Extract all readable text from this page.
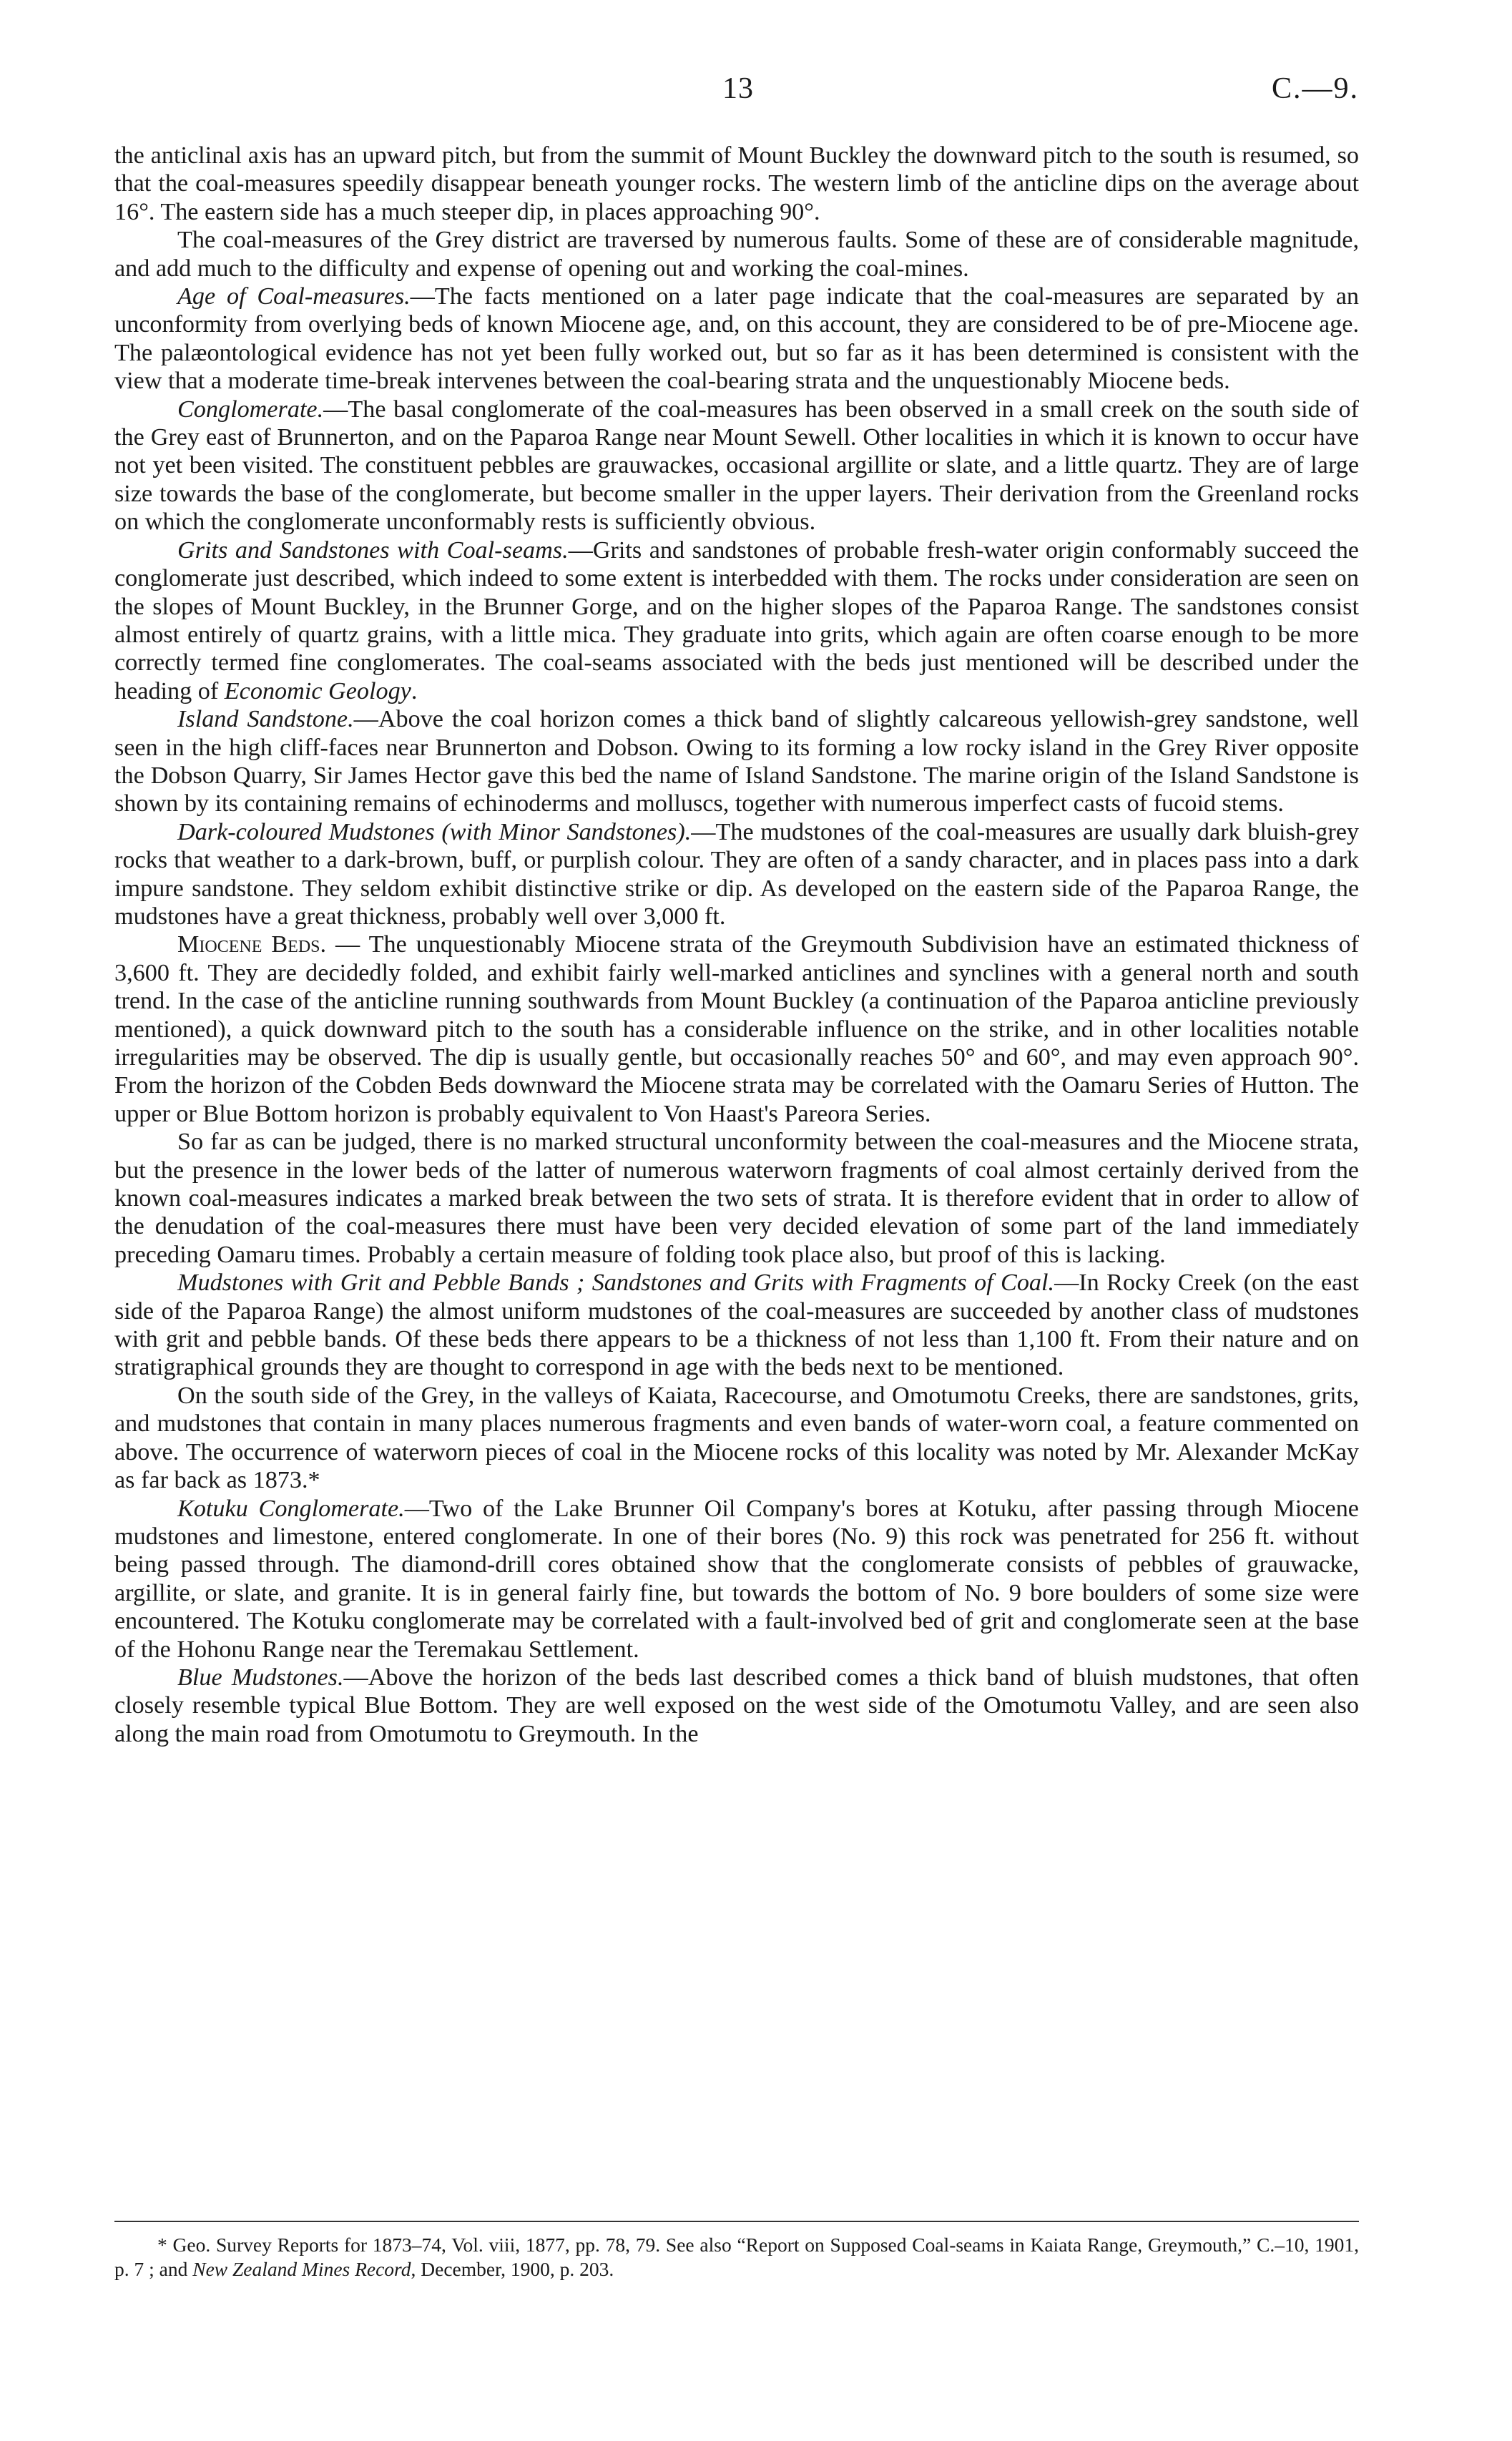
13	C.—9.

the anticlinal axis has an upward pitch, but from the summit of Mount Buckley the downward pitch to the south is resumed, so that the coal-measures speedily disappear beneath younger rocks. The western limb of the anticline dips on the average about 16°. The eastern side has a much steeper dip, in places approaching 90°.

The coal-measures of the Grey district are traversed by numerous faults. Some of these are of considerable magnitude, and add much to the difficulty and expense of opening out and working the coal-mines.

Age of Coal-measures.—The facts mentioned on a later page indicate that the coal-measures are separated by an unconformity from overlying beds of known Miocene age, and, on this account, they are considered to be of pre-Miocene age. The palæontological evidence has not yet been fully worked out, but so far as it has been determined is consistent with the view that a moderate time-break intervenes between the coal-bearing strata and the unquestionably Miocene beds.

Conglomerate.—The basal conglomerate of the coal-measures has been observed in a small creek on the south side of the Grey east of Brunnerton, and on the Paparoa Range near Mount Sewell. Other localities in which it is known to occur have not yet been visited. The constituent pebbles are grauwackes, occasional argillite or slate, and a little quartz. They are of large size towards the base of the conglomerate, but become smaller in the upper layers. Their derivation from the Greenland rocks on which the conglomerate unconformably rests is sufficiently obvious.

Grits and Sandstones with Coal-seams.—Grits and sandstones of probable fresh-water origin conformably succeed the conglomerate just described, which indeed to some extent is interbedded with them. The rocks under consideration are seen on the slopes of Mount Buckley, in the Brunner Gorge, and on the higher slopes of the Paparoa Range. The sandstones consist almost entirely of quartz grains, with a little mica. They graduate into grits, which again are often coarse enough to be more correctly termed fine conglomerates. The coal-seams associated with the beds just mentioned will be described under the heading of Economic Geology.

Island Sandstone.—Above the coal horizon comes a thick band of slightly calcareous yellowish-grey sandstone, well seen in the high cliff-faces near Brunnerton and Dobson. Owing to its forming a low rocky island in the Grey River opposite the Dobson Quarry, Sir James Hector gave this bed the name of Island Sandstone. The marine origin of the Island Sandstone is shown by its containing remains of echinoderms and molluscs, together with numerous imperfect casts of fucoid stems.

Dark-coloured Mudstones (with Minor Sandstones).—The mudstones of the coal-measures are usually dark bluish-grey rocks that weather to a dark-brown, buff, or purplish colour. They are often of a sandy character, and in places pass into a dark impure sandstone. They seldom exhibit distinctive strike or dip. As developed on the eastern side of the Paparoa Range, the mudstones have a great thickness, probably well over 3,000 ft.

Miocene Beds. — The unquestionably Miocene strata of the Greymouth Subdivision have an estimated thickness of 3,600 ft. They are decidedly folded, and exhibit fairly well-marked anticlines and synclines with a general north and south trend. In the case of the anticline running southwards from Mount Buckley (a continuation of the Paparoa anticline previously mentioned), a quick downward pitch to the south has a considerable influence on the strike, and in other localities notable irregularities may be observed. The dip is usually gentle, but occasionally reaches 50° and 60°, and may even approach 90°. From the horizon of the Cobden Beds downward the Miocene strata may be correlated with the Oamaru Series of Hutton. The upper or Blue Bottom horizon is probably equivalent to Von Haast's Pareora Series.

So far as can be judged, there is no marked structural unconformity between the coal-measures and the Miocene strata, but the presence in the lower beds of the latter of numerous waterworn fragments of coal almost certainly derived from the known coal-measures indicates a marked break between the two sets of strata. It is therefore evident that in order to allow of the denudation of the coal-measures there must have been very decided elevation of some part of the land immediately preceding Oamaru times. Probably a certain measure of folding took place also, but proof of this is lacking.

Mudstones with Grit and Pebble Bands ; Sandstones and Grits with Fragments of Coal.—In Rocky Creek (on the east side of the Paparoa Range) the almost uniform mudstones of the coal-measures are succeeded by another class of mudstones with grit and pebble bands. Of these beds there appears to be a thickness of not less than 1,100 ft. From their nature and on stratigraphical grounds they are thought to correspond in age with the beds next to be mentioned.

On the south side of the Grey, in the valleys of Kaiata, Racecourse, and Omotumotu Creeks, there are sandstones, grits, and mudstones that contain in many places numerous fragments and even bands of water-worn coal, a feature commented on above. The occurrence of waterworn pieces of coal in the Miocene rocks of this locality was noted by Mr. Alexander McKay as far back as 1873.*

Kotuku Conglomerate.—Two of the Lake Brunner Oil Company's bores at Kotuku, after passing through Miocene mudstones and limestone, entered conglomerate. In one of their bores (No. 9) this rock was penetrated for 256 ft. without being passed through. The diamond-drill cores obtained show that the conglomerate consists of pebbles of grauwacke, argillite, or slate, and granite. It is in general fairly fine, but towards the bottom of No. 9 bore boulders of some size were encountered. The Kotuku conglomerate may be correlated with a fault-involved bed of grit and conglomerate seen at the base of the Hohonu Range near the Teremakau Settlement.

Blue Mudstones.—Above the horizon of the beds last described comes a thick band of bluish mudstones, that often closely resemble typical Blue Bottom. They are well exposed on the west side of the Omotumotu Valley, and are seen also along the main road from Omotumotu to Greymouth. In the

* Geo. Survey Reports for 1873–74, Vol. viii, 1877, pp. 78, 79. See also “Report on Supposed Coal-seams in Kaiata Range, Greymouth,” C.–10, 1901, p. 7 ; and New Zealand Mines Record, December, 1900, p. 203.
